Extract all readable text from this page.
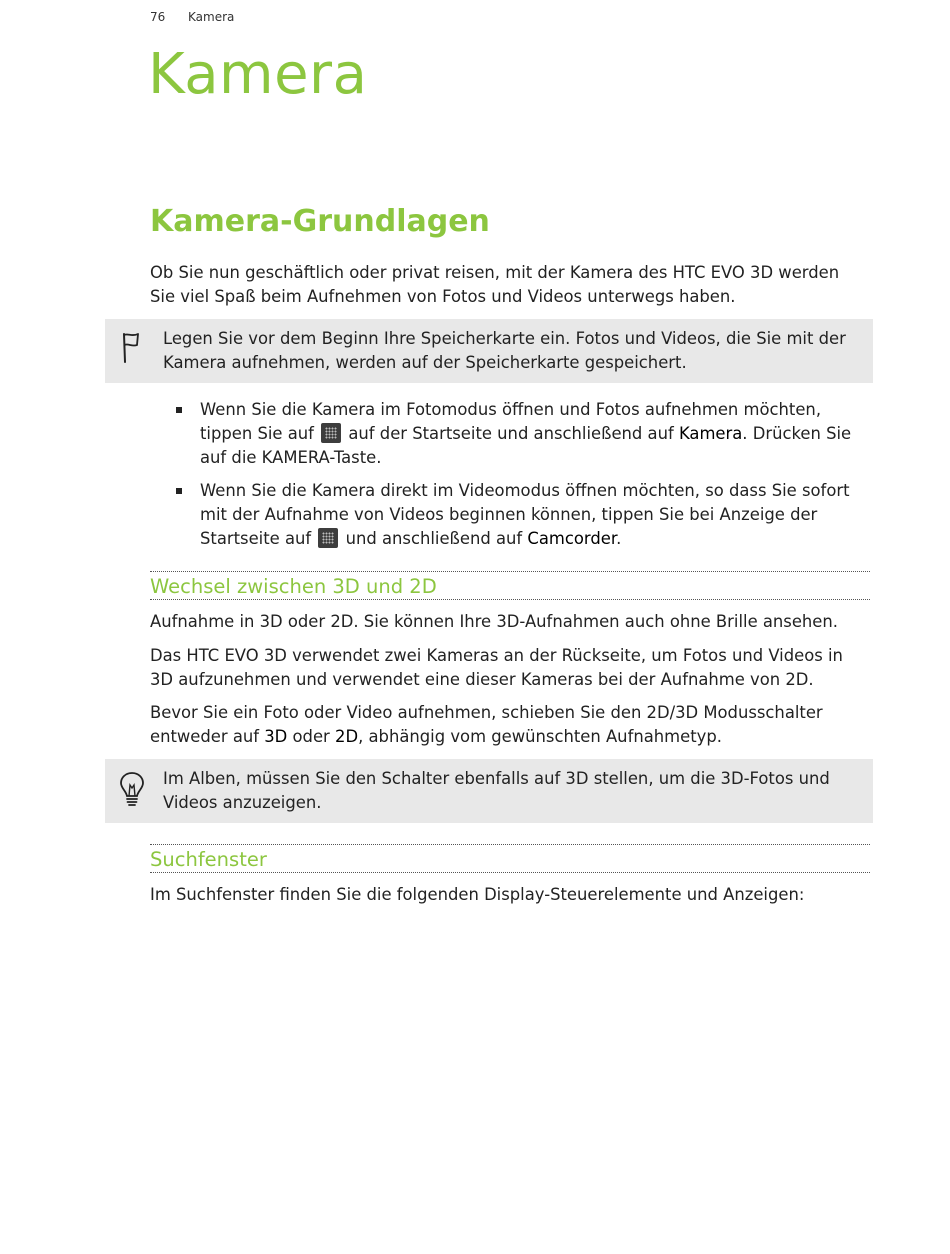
76 Kamera
Kamera
Kamera-Grundlagen

Ob Sie nun geschäftlich oder privat reisen, mit der Kamera des HTC EVO 3D werden Sie viel Spaß beim Aufnehmen von Fotos und Videos unterwegs haben.

Legen Sie vor dem Beginn Ihre Speicherkarte ein. Fotos und Videos, die Sie mit der Kamera aufnehmen, werden auf der Speicherkarte gespeichert.

Wenn Sie die Kamera im Fotomodus öffnen und Fotos aufnehmen möchten, tippen Sie auf auf der Startseite und anschließend auf Kamera. Drücken Sie auf die KAMERA-Taste.

Wenn Sie die Kamera direkt im Videomodus öffnen möchten, so dass Sie sofort mit der Aufnahme von Videos beginnen können, tippen Sie bei Anzeige der Startseite auf und anschließend auf Camcorder.

Wechsel zwischen 3D und 2D

Aufnahme in 3D oder 2D. Sie können Ihre 3D-Aufnahmen auch ohne Brille ansehen.

Das HTC EVO 3D verwendet zwei Kameras an der Rückseite, um Fotos und Videos in 3D aufzunehmen und verwendet eine dieser Kameras bei der Aufnahme von 2D.

Bevor Sie ein Foto oder Video aufnehmen, schieben Sie den 2D/3D Modusschalter entweder auf 3D oder 2D, abhängig vom gewünschten Aufnahmetyp.

Im Alben, müssen Sie den Schalter ebenfalls auf 3D stellen, um die 3D-Fotos und Videos anzuzeigen.

Suchfenster

Im Suchfenster finden Sie die folgenden Display-Steuerelemente und Anzeigen:
